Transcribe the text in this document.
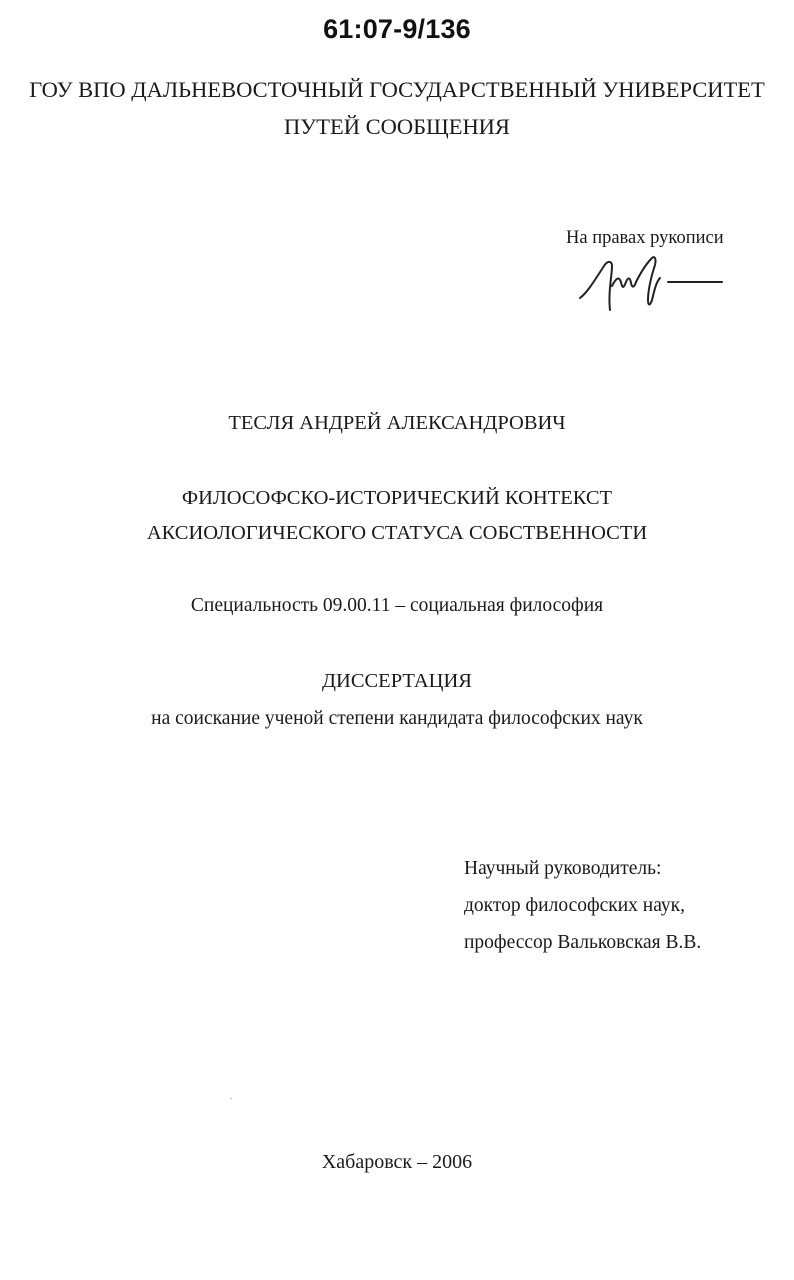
61:07-9/136
ГОУ ВПО ДАЛЬНЕВОСТОЧНЫЙ ГОСУДАРСТВЕННЫЙ УНИВЕРСИТЕТ
ПУТЕЙ СООБЩЕНИЯ
На правах рукописи
ТЕСЛЯ АНДРЕЙ АЛЕКСАНДРОВИЧ
ФИЛОСОФСКО-ИСТОРИЧЕСКИЙ КОНТЕКСТ
АКСИОЛОГИЧЕСКОГО СТАТУСА СОБСТВЕННОСТИ
Специальность 09.00.11 – социальная философия
ДИССЕРТАЦИЯ
на соискание ученой степени кандидата философских наук
Научный руководитель:
доктор философских наук,
профессор Вальковская В.В.
Хабаровск – 2006
